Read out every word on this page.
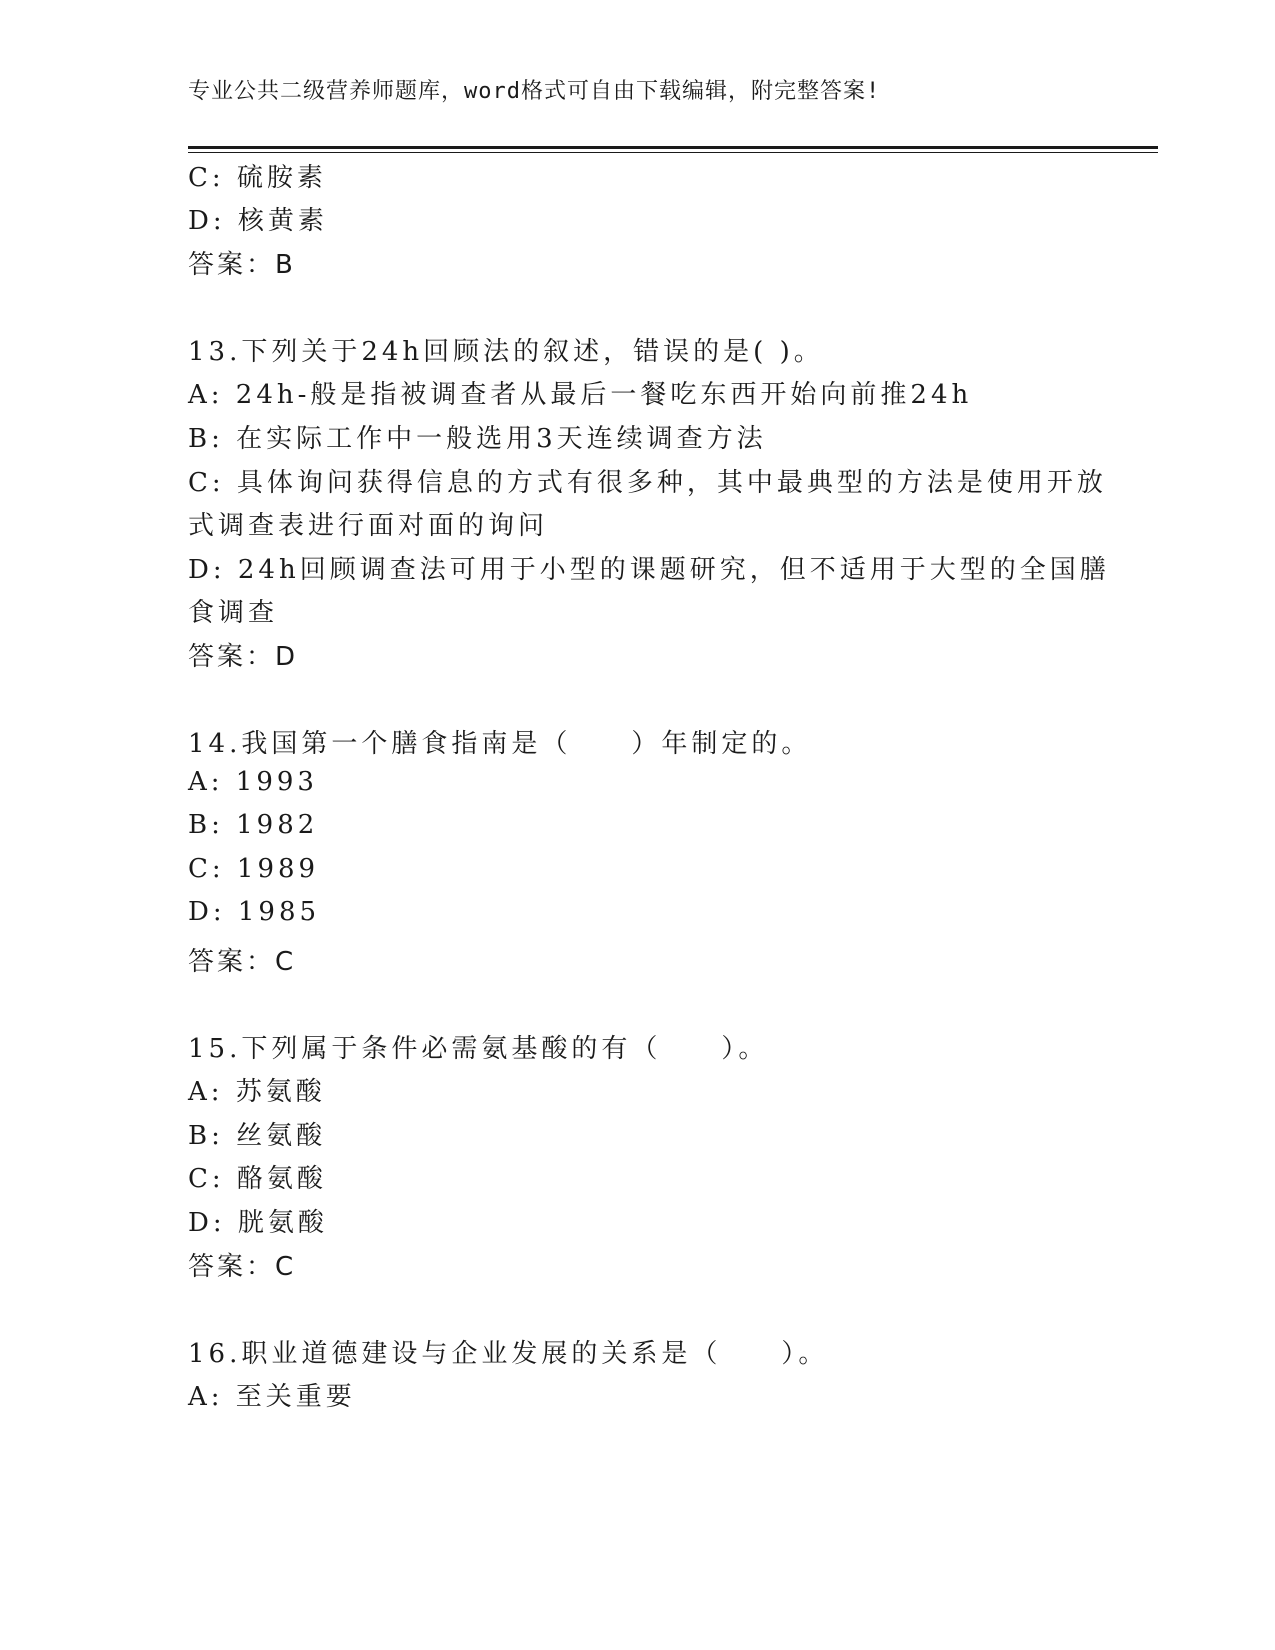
专业公共二级营养师题库，word格式可自由下载编辑，附完整答案!
C: 硫胺素
D: 核黄素
答案：B
13.下列关于24h回顾法的叙述，错误的是( )。
A: 24h-般是指被调查者从最后一餐吃东西开始向前推24h
B: 在实际工作中一般选用3天连续调查方法
C: 具体询问获得信息的方式有很多种，其中最典型的方法是使用开放
式调查表进行面对面的询问
D: 24h回顾调查法可用于小型的课题研究，但不适用于大型的全国膳
食调查
答案：D
14.我国第一个膳食指南是（　　）年制定的。
A: 1993
B: 1982
C: 1989
D: 1985
答案：C
15.下列属于条件必需氨基酸的有（　　）。
A: 苏氨酸
B: 丝氨酸
C: 酪氨酸
D: 胱氨酸
答案：C
16.职业道德建设与企业发展的关系是（　　）。
A: 至关重要
